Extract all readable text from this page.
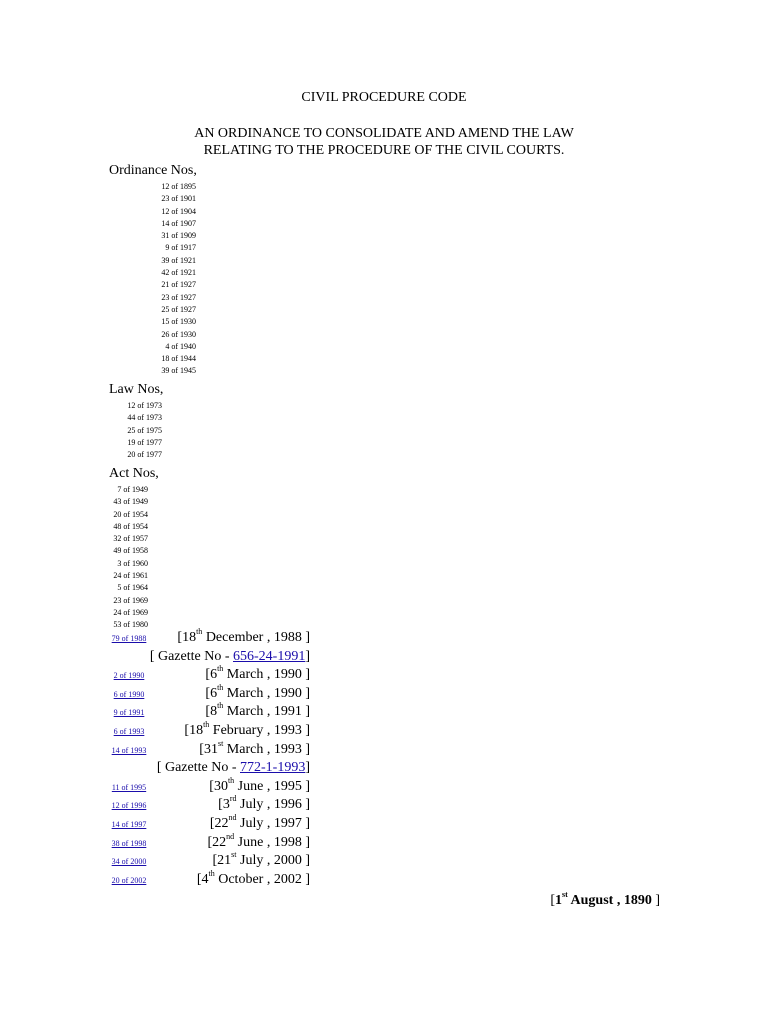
CIVIL PROCEDURE CODE
AN ORDINANCE TO CONSOLIDATE AND AMEND THE LAW
RELATING TO THE PROCEDURE OF THE CIVIL COURTS.
Ordinance Nos,
12 of 1895
23 of 1901
12 of 1904
14 of 1907
31 of 1909
9 of 1917
39 of 1921
42 of 1921
21 of 1927
23 of 1927
25 of 1927
15 of 1930
26 of 1930
4 of 1940
18 of 1944
39 of 1945
Law Nos,
12 of 1973
44 of 1973
25 of 1975
19 of 1977
20 of 1977
Act Nos,
7 of 1949
43 of 1949
20 of 1954
48 of 1954
32 of 1957
49 of 1958
3 of 1960
24 of 1961
5 of 1964
23 of 1969
24 of 1969
53 of 1980
79 of 1988 [18th December , 1988 ]
[ Gazette No - 656-24-1991]
2 of 1990	[6th March , 1990 ]
6 of 1990	[6th March , 1990 ]
9 of 1991	[8th March , 1991 ]
6 of 1993	[18th February , 1993 ]
14 of 1993	[31st March , 1993 ]
[ Gazette No - 772-1-1993]
11 of 1995	[30th June , 1995 ]
12 of 1996	[3rd July , 1996 ]
14 of 1997	[22nd July , 1997 ]
38 of 1998	[22nd June , 1998 ]
34 of 2000	[21st July , 2000 ]
20 of 2002	[4th October , 2002 ]
[1st August , 1890 ]
